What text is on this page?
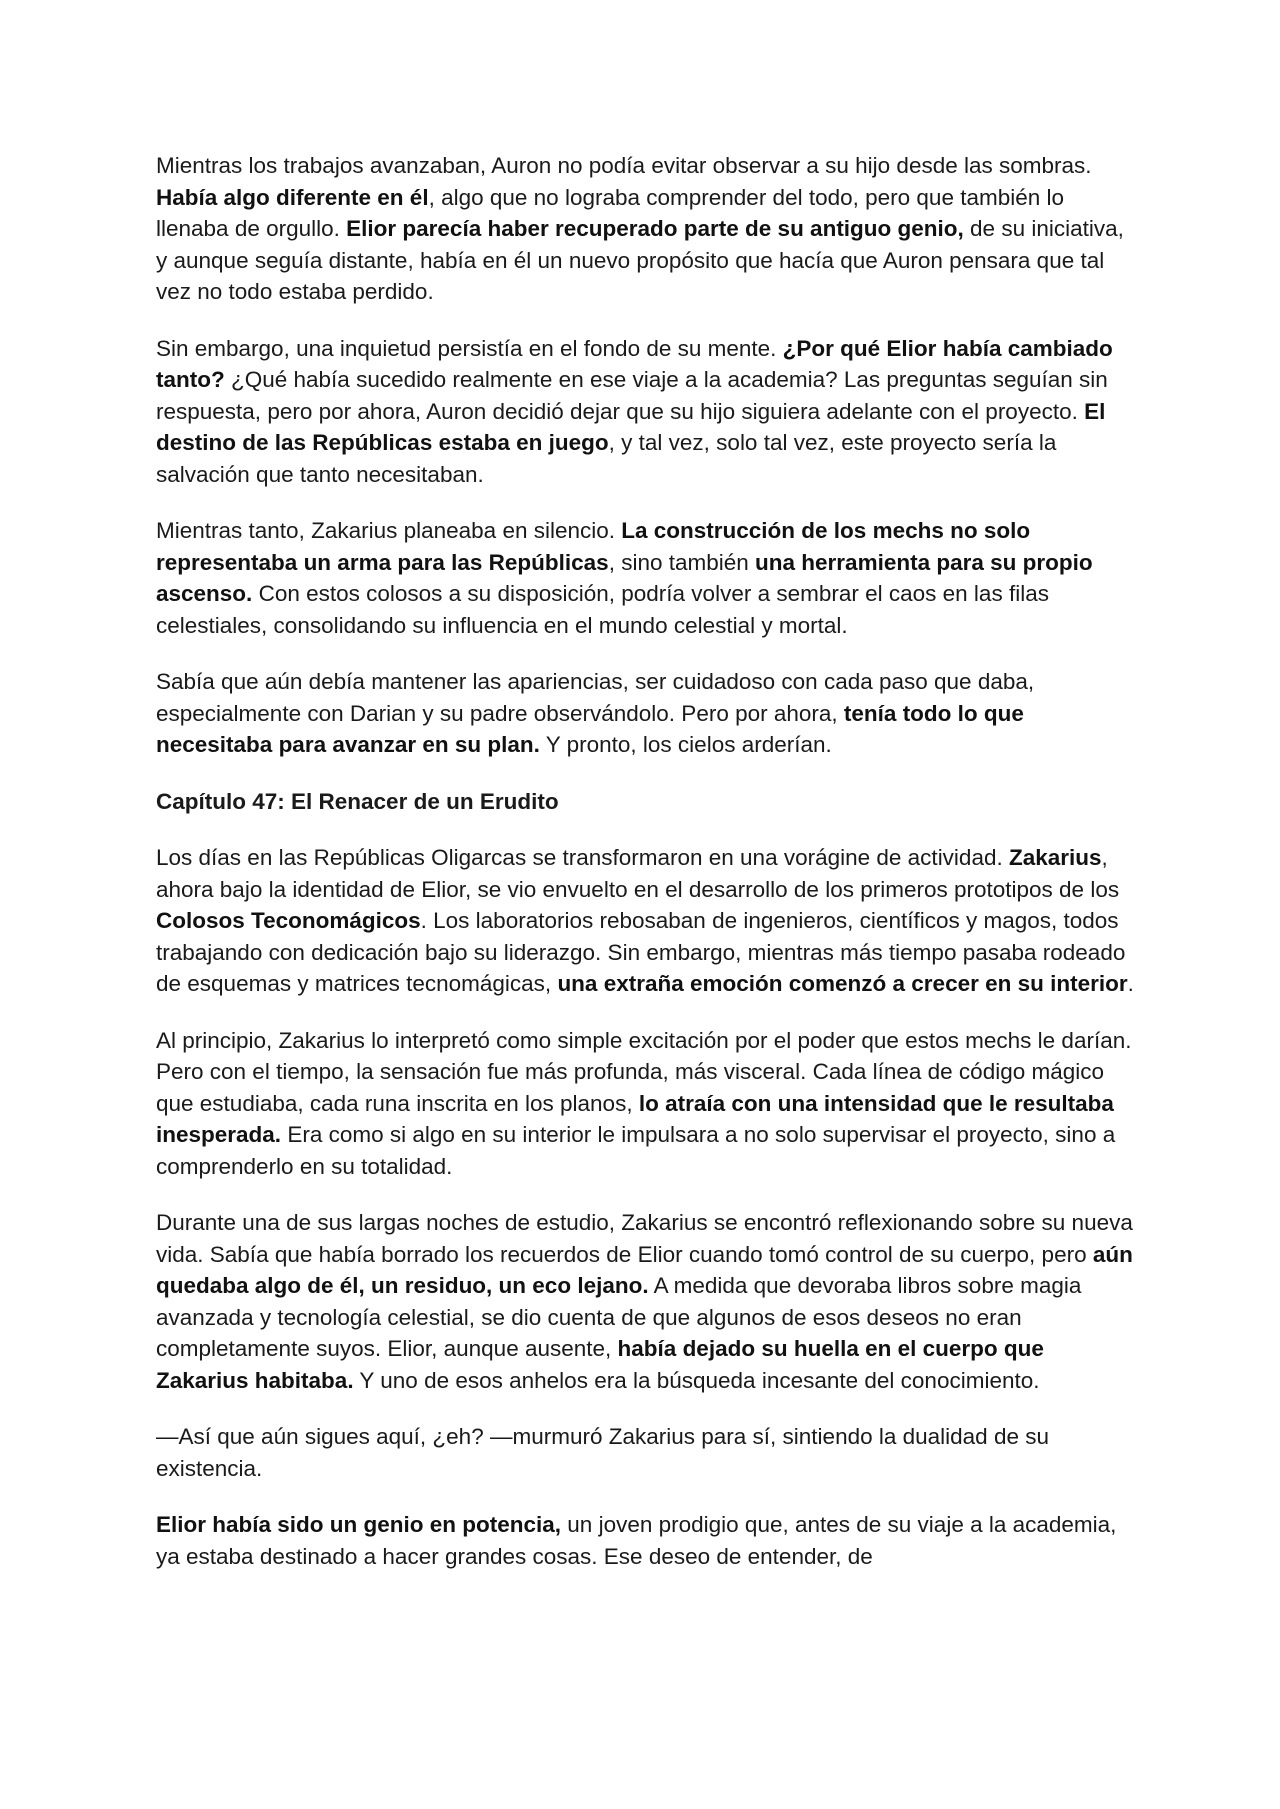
Mientras los trabajos avanzaban, Auron no podía evitar observar a su hijo desde las sombras. Había algo diferente en él, algo que no lograba comprender del todo, pero que también lo llenaba de orgullo. Elior parecía haber recuperado parte de su antiguo genio, de su iniciativa, y aunque seguía distante, había en él un nuevo propósito que hacía que Auron pensara que tal vez no todo estaba perdido.

Sin embargo, una inquietud persistía en el fondo de su mente. ¿Por qué Elior había cambiado tanto? ¿Qué había sucedido realmente en ese viaje a la academia? Las preguntas seguían sin respuesta, pero por ahora, Auron decidió dejar que su hijo siguiera adelante con el proyecto. El destino de las Repúblicas estaba en juego, y tal vez, solo tal vez, este proyecto sería la salvación que tanto necesitaban.

Mientras tanto, Zakarius planeaba en silencio. La construcción de los mechs no solo representaba un arma para las Repúblicas, sino también una herramienta para su propio ascenso. Con estos colosos a su disposición, podría volver a sembrar el caos en las filas celestiales, consolidando su influencia en el mundo celestial y mortal.

Sabía que aún debía mantener las apariencias, ser cuidadoso con cada paso que daba, especialmente con Darian y su padre observándolo. Pero por ahora, tenía todo lo que necesitaba para avanzar en su plan. Y pronto, los cielos arderían.

Capítulo 47: El Renacer de un Erudito

Los días en las Repúblicas Oligarcas se transformaron en una vorágine de actividad. Zakarius, ahora bajo la identidad de Elior, se vio envuelto en el desarrollo de los primeros prototipos de los Colosos Teconomágicos. Los laboratorios rebosaban de ingenieros, científicos y magos, todos trabajando con dedicación bajo su liderazgo. Sin embargo, mientras más tiempo pasaba rodeado de esquemas y matrices tecnomágicas, una extraña emoción comenzó a crecer en su interior.

Al principio, Zakarius lo interpretó como simple excitación por el poder que estos mechs le darían. Pero con el tiempo, la sensación fue más profunda, más visceral. Cada línea de código mágico que estudiaba, cada runa inscrita en los planos, lo atraía con una intensidad que le resultaba inesperada. Era como si algo en su interior le impulsara a no solo supervisar el proyecto, sino a comprenderlo en su totalidad.

Durante una de sus largas noches de estudio, Zakarius se encontró reflexionando sobre su nueva vida. Sabía que había borrado los recuerdos de Elior cuando tomó control de su cuerpo, pero aún quedaba algo de él, un residuo, un eco lejano. A medida que devoraba libros sobre magia avanzada y tecnología celestial, se dio cuenta de que algunos de esos deseos no eran completamente suyos. Elior, aunque ausente, había dejado su huella en el cuerpo que Zakarius habitaba. Y uno de esos anhelos era la búsqueda incesante del conocimiento.

—Así que aún sigues aquí, ¿eh? —murmuró Zakarius para sí, sintiendo la dualidad de su existencia.

Elior había sido un genio en potencia, un joven prodigio que, antes de su viaje a la academia, ya estaba destinado a hacer grandes cosas. Ese deseo de entender, de
